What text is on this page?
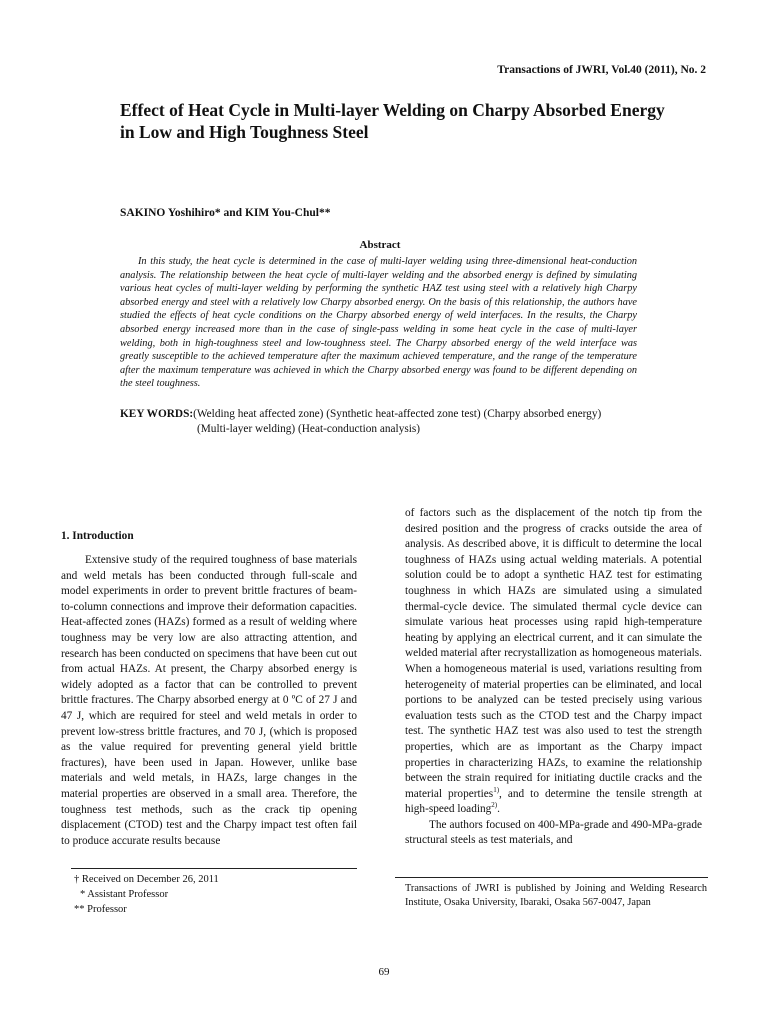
Transactions of JWRI, Vol.40 (2011), No. 2
Effect of Heat Cycle in Multi-layer Welding on Charpy Absorbed Energy in Low and High Toughness Steel
SAKINO Yoshihiro* and KIM You-Chul**
Abstract
In this study, the heat cycle is determined in the case of multi-layer welding using three-dimensional heat-conduction analysis. The relationship between the heat cycle of multi-layer welding and the absorbed energy is defined by simulating various heat cycles of multi-layer welding by performing the synthetic HAZ test using steel with a relatively high Charpy absorbed energy and steel with a relatively low Charpy absorbed energy. On the basis of this relationship, the authors have studied the effects of heat cycle conditions on the Charpy absorbed energy of weld interfaces. In the results, the Charpy absorbed energy increased more than in the case of single-pass welding in some heat cycle in the case of multi-layer welding, both in high-toughness steel and low-toughness steel. The Charpy absorbed energy of the weld interface was greatly susceptible to the achieved temperature after the maximum achieved temperature, and the range of the temperature after the maximum temperature was achieved in which the Charpy absorbed energy was found to be different depending on the steel toughness.
KEY WORDS:(Welding heat affected zone) (Synthetic heat-affected zone test) (Charpy absorbed energy)
(Multi-layer welding) (Heat-conduction analysis)
1. Introduction

Extensive study of the required toughness of base materials and weld metals has been conducted through full-scale and model experiments in order to prevent brittle fractures of beam-to-column connections and improve their deformation capacities. Heat-affected zones (HAZs) formed as a result of welding where toughness may be very low are also attracting attention, and research has been conducted on specimens that have been cut out from actual HAZs. At present, the Charpy absorbed energy is widely adopted as a factor that can be controlled to prevent brittle fractures. The Charpy absorbed energy at 0 ºC of 27 J and 47 J, which are required for steel and weld metals in order to prevent low-stress brittle fractures, and 70 J, (which is proposed as the value required for preventing general yield brittle fractures), have been used in Japan. However, unlike base materials and weld metals, in HAZs, large changes in the material properties are observed in a small area. Therefore, the toughness test methods, such as the crack tip opening displacement (CTOD) test and the Charpy impact test often fail to produce accurate results because

of factors such as the displacement of the notch tip from the desired position and the progress of cracks outside the area of analysis. As described above, it is difficult to determine the local toughness of HAZs using actual welding materials. A potential solution could be to adopt a synthetic HAZ test for estimating toughness in which HAZs are simulated using a simulated thermal-cycle device. The simulated thermal cycle device can simulate various heat processes using rapid high-temperature heating by applying an electrical current, and it can simulate the welded material after recrystallization as homogeneous materials. When a homogeneous material is used, variations resulting from heterogeneity of material properties can be eliminated, and local portions to be analyzed can be tested precisely using various evaluation tests such as the CTOD test and the Charpy impact test. The synthetic HAZ test was also used to test the strength properties, which are as important as the Charpy impact properties in characterizing HAZs, to examine the relationship between the strain required for initiating ductile cracks and the material properties$^{1)}$, and to determine the tensile strength at high-speed loading$^{2)}$.

The authors focused on 400-MPa-grade and 490-MPa-grade structural steels as test materials, and

† Received on December 26, 2011
* Assistant Professor
** Professor
Transactions of JWRI is published by Joining and Welding Research Institute, Osaka University, Ibaraki, Osaka 567-0047, Japan
69
